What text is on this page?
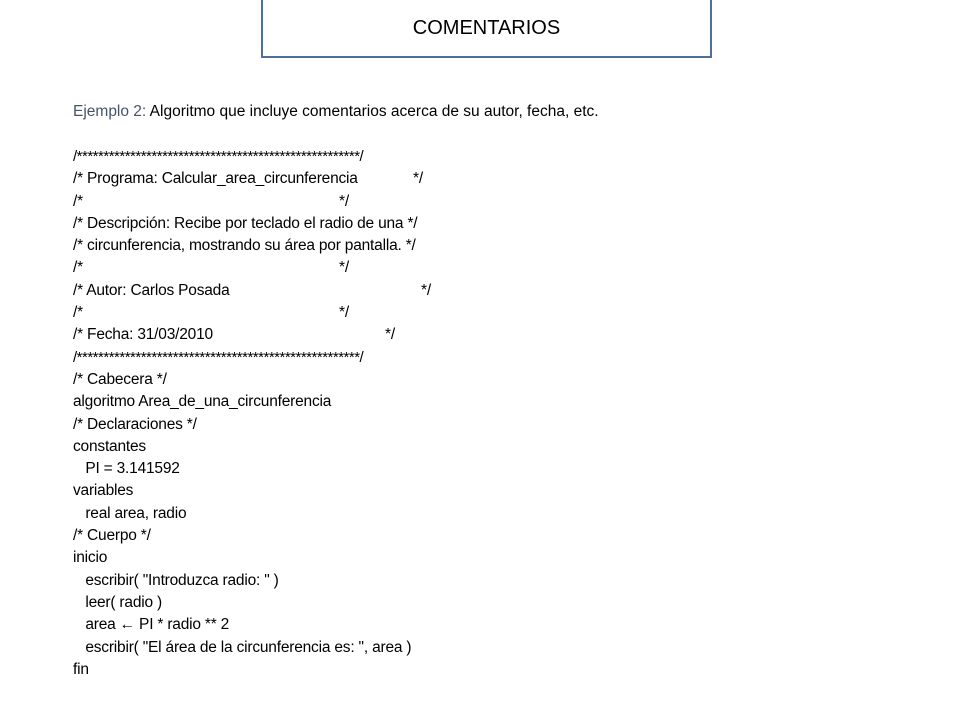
COMENTARIOS
Ejemplo 2: Algoritmo que incluye comentarios acerca de su autor, fecha, etc.
/*****************************************************/
/* Programa: Calcular_area_circunferencia	*/
/*	*/
/* Descripción: Recibe por teclado el radio de una */
/* circunferencia, mostrando su área por pantalla. */
/*	*/
/* Autor: Carlos Posada	*/
/*	*/
/* Fecha: 31/03/2010	*/
/*****************************************************/
/* Cabecera */
algoritmo Area_de_una_circunferencia
/* Declaraciones */
constantes
PI = 3.141592
variables
real area, radio
/* Cuerpo */
inicio
escribir( "Introduzca radio: " )
leer( radio )
area ← PI * radio ** 2
escribir( "El área de la circunferencia es: ", area )
fin
